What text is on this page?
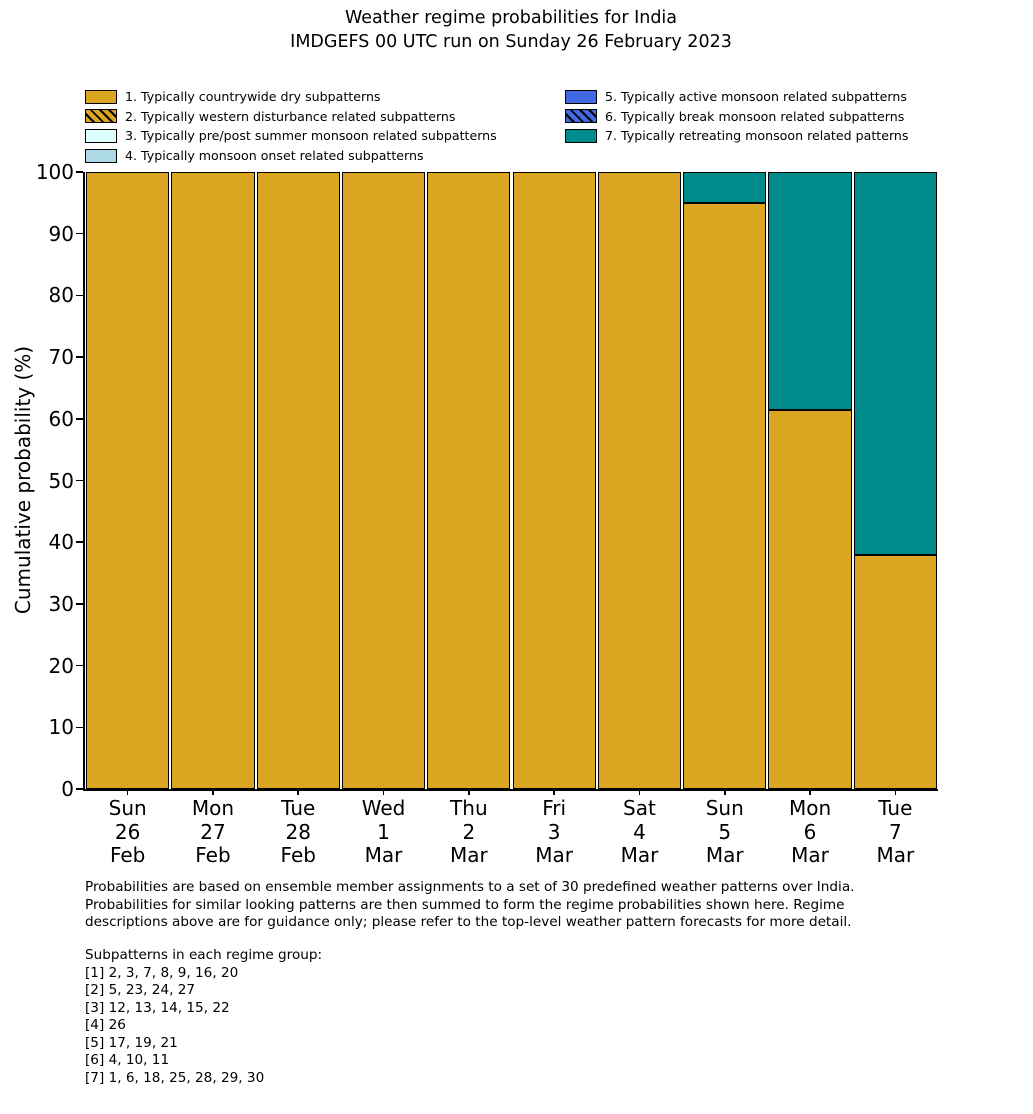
Weather regime probabilities for India
IMDGEFS 00 UTC run on Sunday 26 February 2023
1. Typically countrywide dry subpatterns
2. Typically western disturbance related subpatterns
3. Typically pre/post summer monsoon related subpatterns
4. Typically monsoon onset related subpatterns
5. Typically active monsoon related subpatterns
6. Typically break monsoon related subpatterns
7. Typically retreating monsoon related patterns
Cumulative probability (%)
0
10
20
30
40
50
60
70
80
90
100
Sun
26
Feb
Mon
27
Feb
Tue
28
Feb
Wed
1
Mar
Thu
2
Mar
Fri
3
Mar
Sat
4
Mar
Sun
5
Mar
Mon
6
Mar
Tue
7
Mar
Probabilities are based on ensemble member assignments to a set of 30 predefined weather patterns over India.
Probabilities for similar looking patterns are then summed to form the regime probabilities shown here. Regime
descriptions above are for guidance only; please refer to the top-level weather pattern forecasts for more detail.
Subpatterns in each regime group:
[1] 2, 3, 7, 8, 9, 16, 20
[2] 5, 23, 24, 27
[3] 12, 13, 14, 15, 22
[4] 26
[5] 17, 19, 21
[6] 4, 10, 11
[7] 1, 6, 18, 25, 28, 29, 30
